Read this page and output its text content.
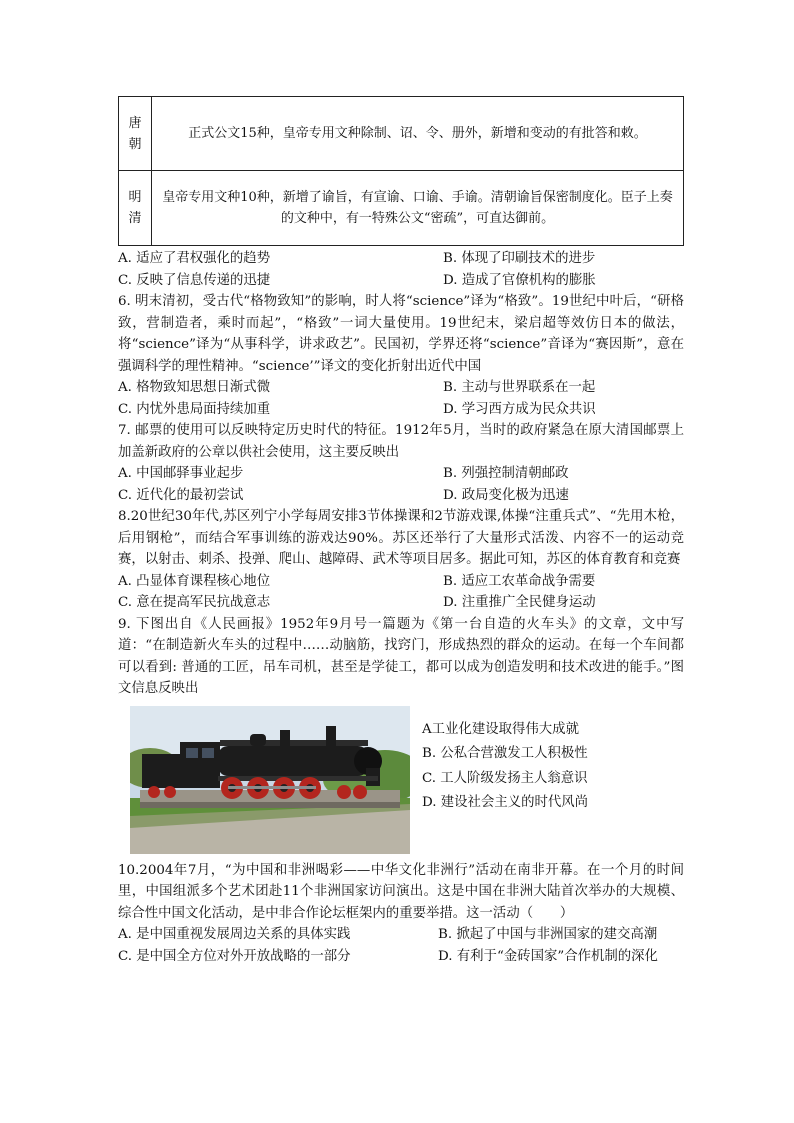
唐
朝	正式公文15种，皇帝专用文种除制、诏、令、册外，新增和变动的有批答和敕。

明
清	皇帝专用文种10种，新增了谕旨，有宣谕、口谕、手谕。清朝谕旨保密制度化。臣子上奏的文种中，有一特殊公文“密疏”，可直达御前。
A. 适应了君权强化的趋势	B. 体现了印刷技术的进步
C. 反映了信息传递的迅捷	D. 造成了官僚机构的膨胀
6. 明末清初，受古代“格物致知”的影响，时人将“science”译为“格致”。19世纪中叶后，“研格致，营制造者，乘时而起”，“格致”一词大量使用。19世纪末，梁启超等效仿日本的做法，将“science”译为“从事科学，讲求政艺”。民国初，学界还将“science”音译为“赛因斯”，意在强调科学的理性精神。“science’”译文的变化折射出近代中国
A. 格物致知思想日渐式微	B. 主动与世界联系在一起
C. 内忧外患局面持续加重	D. 学习西方成为民众共识
7. 邮票的使用可以反映特定历史时代的特征。1912年5月，当时的政府紧急在原大清国邮票上加盖新政府的公章以供社会使用，这主要反映出
A. 中国邮驿事业起步	B. 列强控制清朝邮政
C. 近代化的最初尝试	D. 政局变化极为迅速
8.20世纪30年代,苏区列宁小学每周安排3节体操课和2节游戏课,体操“注重兵式”、“先用木枪，后用钢枪”，而结合军事训练的游戏达90%。苏区还举行了大量形式活泼、内容不一的运动竞赛，以射击、刺杀、投弹、爬山、越障碍、武术等项目居多。据此可知，苏区的体育教育和竞赛
A. 凸显体育课程核心地位	B. 适应工农革命战争需要
C. 意在提高军民抗战意志	D. 注重推广全民健身运动
9. 下图出自《人民画报》1952年9月号一篇题为《第一台自造的火车头》的文章，文中写道：“在制造新火车头的过程中……动脑筋，找窍门，形成热烈的群众的运动。在每一个车间都可以看到: 普通的工匠，吊车司机，甚至是学徒工，都可以成为创造发明和技术改进的能手。”图文信息反映出
A工业化建设取得伟大成就
B. 公私合营激发工人积极性
C. 工人阶级发扬主人翁意识
D. 建设社会主义的时代风尚
10.2004年7月，“为中国和非洲喝彩——中华文化非洲行”活动在南非开幕。在一个月的时间里，中国组派多个艺术团赴11个非洲国家访问演出。这是中国在非洲大陆首次举办的大规模、综合性中国文化活动，是中非合作论坛框架内的重要举措。这一活动（　　）
A. 是中国重视发展周边关系的具体实践	B. 掀起了中国与非洲国家的建交高潮
C. 是中国全方位对外开放战略的一部分	D. 有利于“金砖国家”合作机制的深化
